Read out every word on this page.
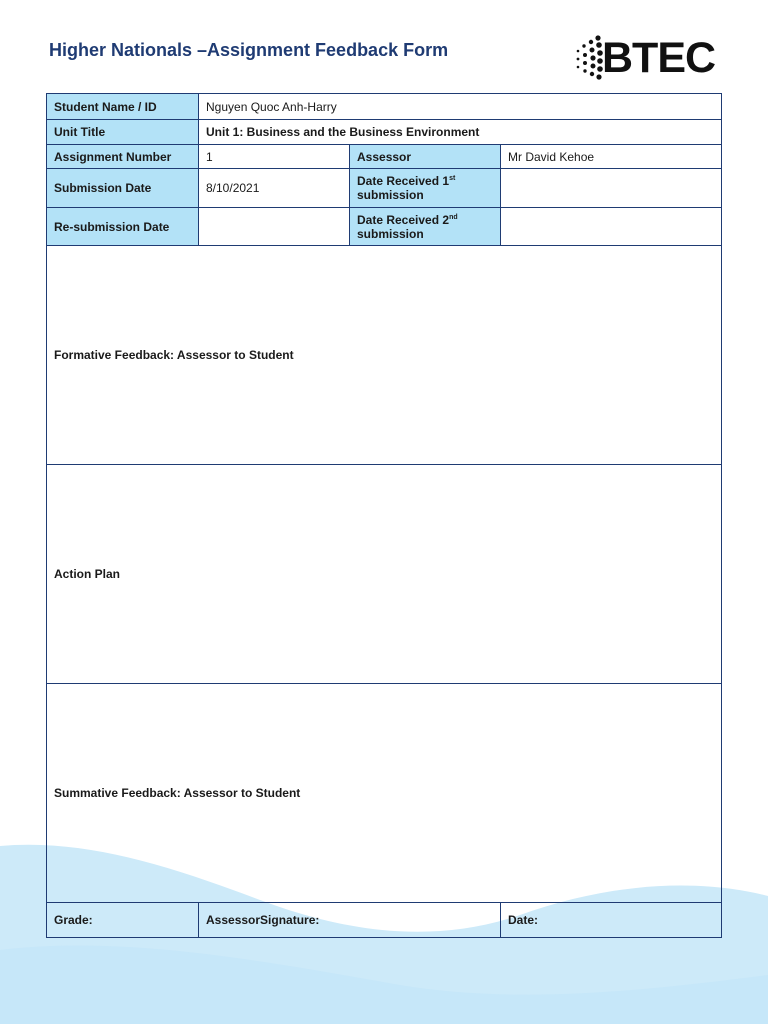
Higher Nationals –Assignment Feedback Form	BTEC
Student Name / ID	Nguyen Quoc Anh-Harry		
Unit Title	Unit 1: Business and the Business Environment		
Assignment Number	1	Assessor	Mr David Kehoe
Submission Date	8/10/2021	Date Received 1st
submission	
Re-submission Date		Date Received 2nd
submission	

Formative Feedback: Assessor to Student			

Action Plan			

Summative Feedback: Assessor to Student			

Grade:	AssessorSignature:		Date:
